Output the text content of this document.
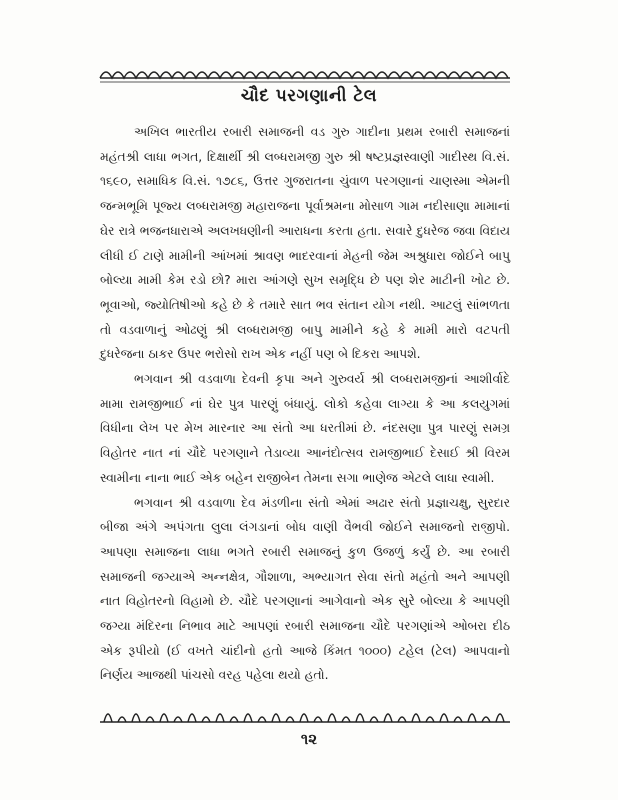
ચૌદ પરગણાની ટેલ

અખિલ ભારતીય રબારી સમાજની વડ ગુરુ ગાદીના પ્રથમ રબારી સમાજનાં મહંતશ્રી લાધા ભગત, દિક્ષાર્થી શ્રી લબ્ધરામજી ગુરુ શ્રી ષષ્ટપ્રજ્ઞસ્વાણી ગાદીસ્થ વિ.સં. ૧૬૯૦, સમાધિક વિ.સં. ૧૭૮૬, ઉત્તર ગુજરાતના ચુંવાળ પરગણાનાં ચાણસ્મા એમની જન્મભૂમિ પૂજ્ય લબ્ધરામજી મહારાજના પૂર્વાશ્રમના મોસાળ ગામ નદીસાણા મામાનાં ઘેર રાત્રે ભજનધારાએ અલખધણીની આરાધના કરતા હતા. સવારે દુધરેજ જવા વિદાય લીધી ઈ ટાણે મામીની આંખમાં શ્રાવણ ભાદરવાનાં મેહની જેમ અશ્રુધારા જોઈને બાપુ બોલ્યા મામી કેમ રડો છો? મારા આંગણે સુખ સમૃદ્ધિ છે પણ શેર માટીની ખોટ છે. ભૂવાઓ, જ્યોતિષીઓ કહે છે કે તમારે સાત ભવ સંતાન યોગ નથી. આટલું સાંભળતા તો વડવાળાનું ઓઢણું શ્રી લબ્ધરામજી બાપુ મામીને કહે કે મામી મારો વટપતી દુધરેજના ઠાકર ઉપર ભરોસો રાખ એક નહીં પણ બે દિકરા આપશે.

ભગવાન શ્રી વડવાળા દેવની કૃપા અને ગુરુવર્ય શ્રી લબ્ધરામજીનાં આશીર્વાદે મામા રામજીભાઈ નાં ઘેર પુત્ર પારણું બંધાયું. લોકો કહેવા લાગ્યા કે આ કલયુગમાં વિધીના લેખ પર મેખ મારનાર આ સંતો આ ધરતીમાં છે. નંદસણા પુત્ર પારણું સમગ્ર વિહોતર નાત નાં ચૌદે પરગણાને તેડાવ્યા આનંદોત્સવ રામજીભાઈ દેસાઈ શ્રી વિરમ સ્વામીના નાના ભાઈ એક બહેન રાજીબેન તેમના સગા ભાણેજ એટલે લાધા સ્વામી.

ભગવાન શ્રી વડવાળા દેવ મંડળીના સંતો એમાં અઢાર સંતો પ્રજ્ઞાચક્ષુ, સુરદાર બીજા અંગે અપંગતા લુલા લંગડાનાં બોધ વાણી વૈભવી જોઈને સમાજનો રાજીપો. આપણા સમાજના લાધા ભગતે રબારી સમાજનું કુળ ઉજળું કર્યું છે. આ રબારી સમાજની જગ્યાએ અન્નક્ષેત્ર, ગૌશાળા, અભ્યાગત સેવા સંતો મહંતો અને આપણી નાત વિહોતરનો વિહામો છે. ચૌદે પરગણાનાં આગેવાનો એક સુરે બોલ્યા કે આપણી જગ્યા મંદિરના નિભાવ માટે આપણાં રબારી સમાજના ચૌદે પરગણાંએ ઓબરા દીઠ એક રૂપીયો (ઈ વખતે ચાંદીનો હતો આજે કિંમત ૧૦૦૦) ટહેલ (ટેલ) આપવાનો નિર્ણય આજથી પાંચસો વરહ પહેલા થયો હતો.

૧૨
